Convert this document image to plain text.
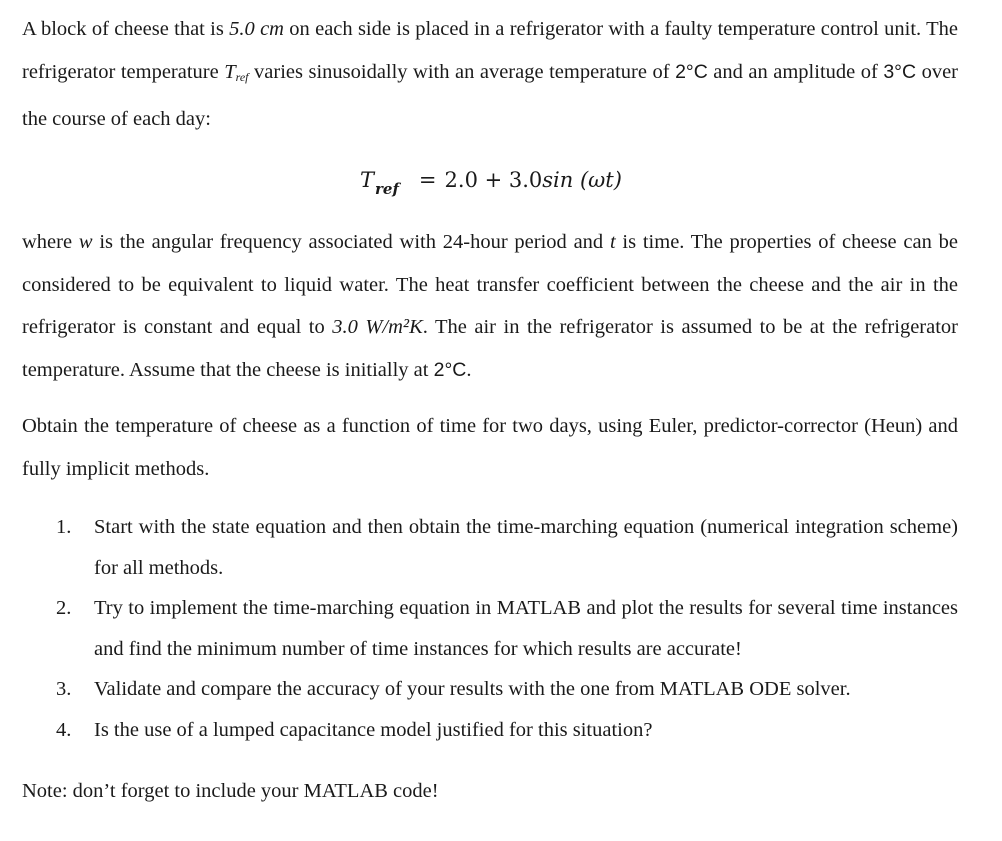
A block of cheese that is 5.0 cm on each side is placed in a refrigerator with a faulty temperature control unit. The refrigerator temperature $T_{ref}$ varies sinusoidally with an average temperature of 2°C and an amplitude of 3°C over the course of each day:

$T_{ref} = 2.0 + 3.0\sin$ (ωt)

where w is the angular frequency associated with 24-hour period and t is time. The properties of cheese can be considered to be equivalent to liquid water. The heat transfer coefficient between the cheese and the air in the refrigerator is constant and equal to 3.0 W/m²K. The air in the refrigerator is assumed to be at the refrigerator temperature. Assume that the cheese is initially at 2°C.

Obtain the temperature of cheese as a function of time for two days, using Euler, predictor-corrector (Heun) and fully implicit methods.

1. Start with the state equation and then obtain the time-marching equation (numerical integration scheme) for all methods.
2. Try to implement the time-marching equation in MATLAB and plot the results for several time instances and find the minimum number of time instances for which results are accurate!
3. Validate and compare the accuracy of your results with the one from MATLAB ODE solver.
4. Is the use of a lumped capacitance model justified for this situation?

Note: don’t forget to include your MATLAB code!
